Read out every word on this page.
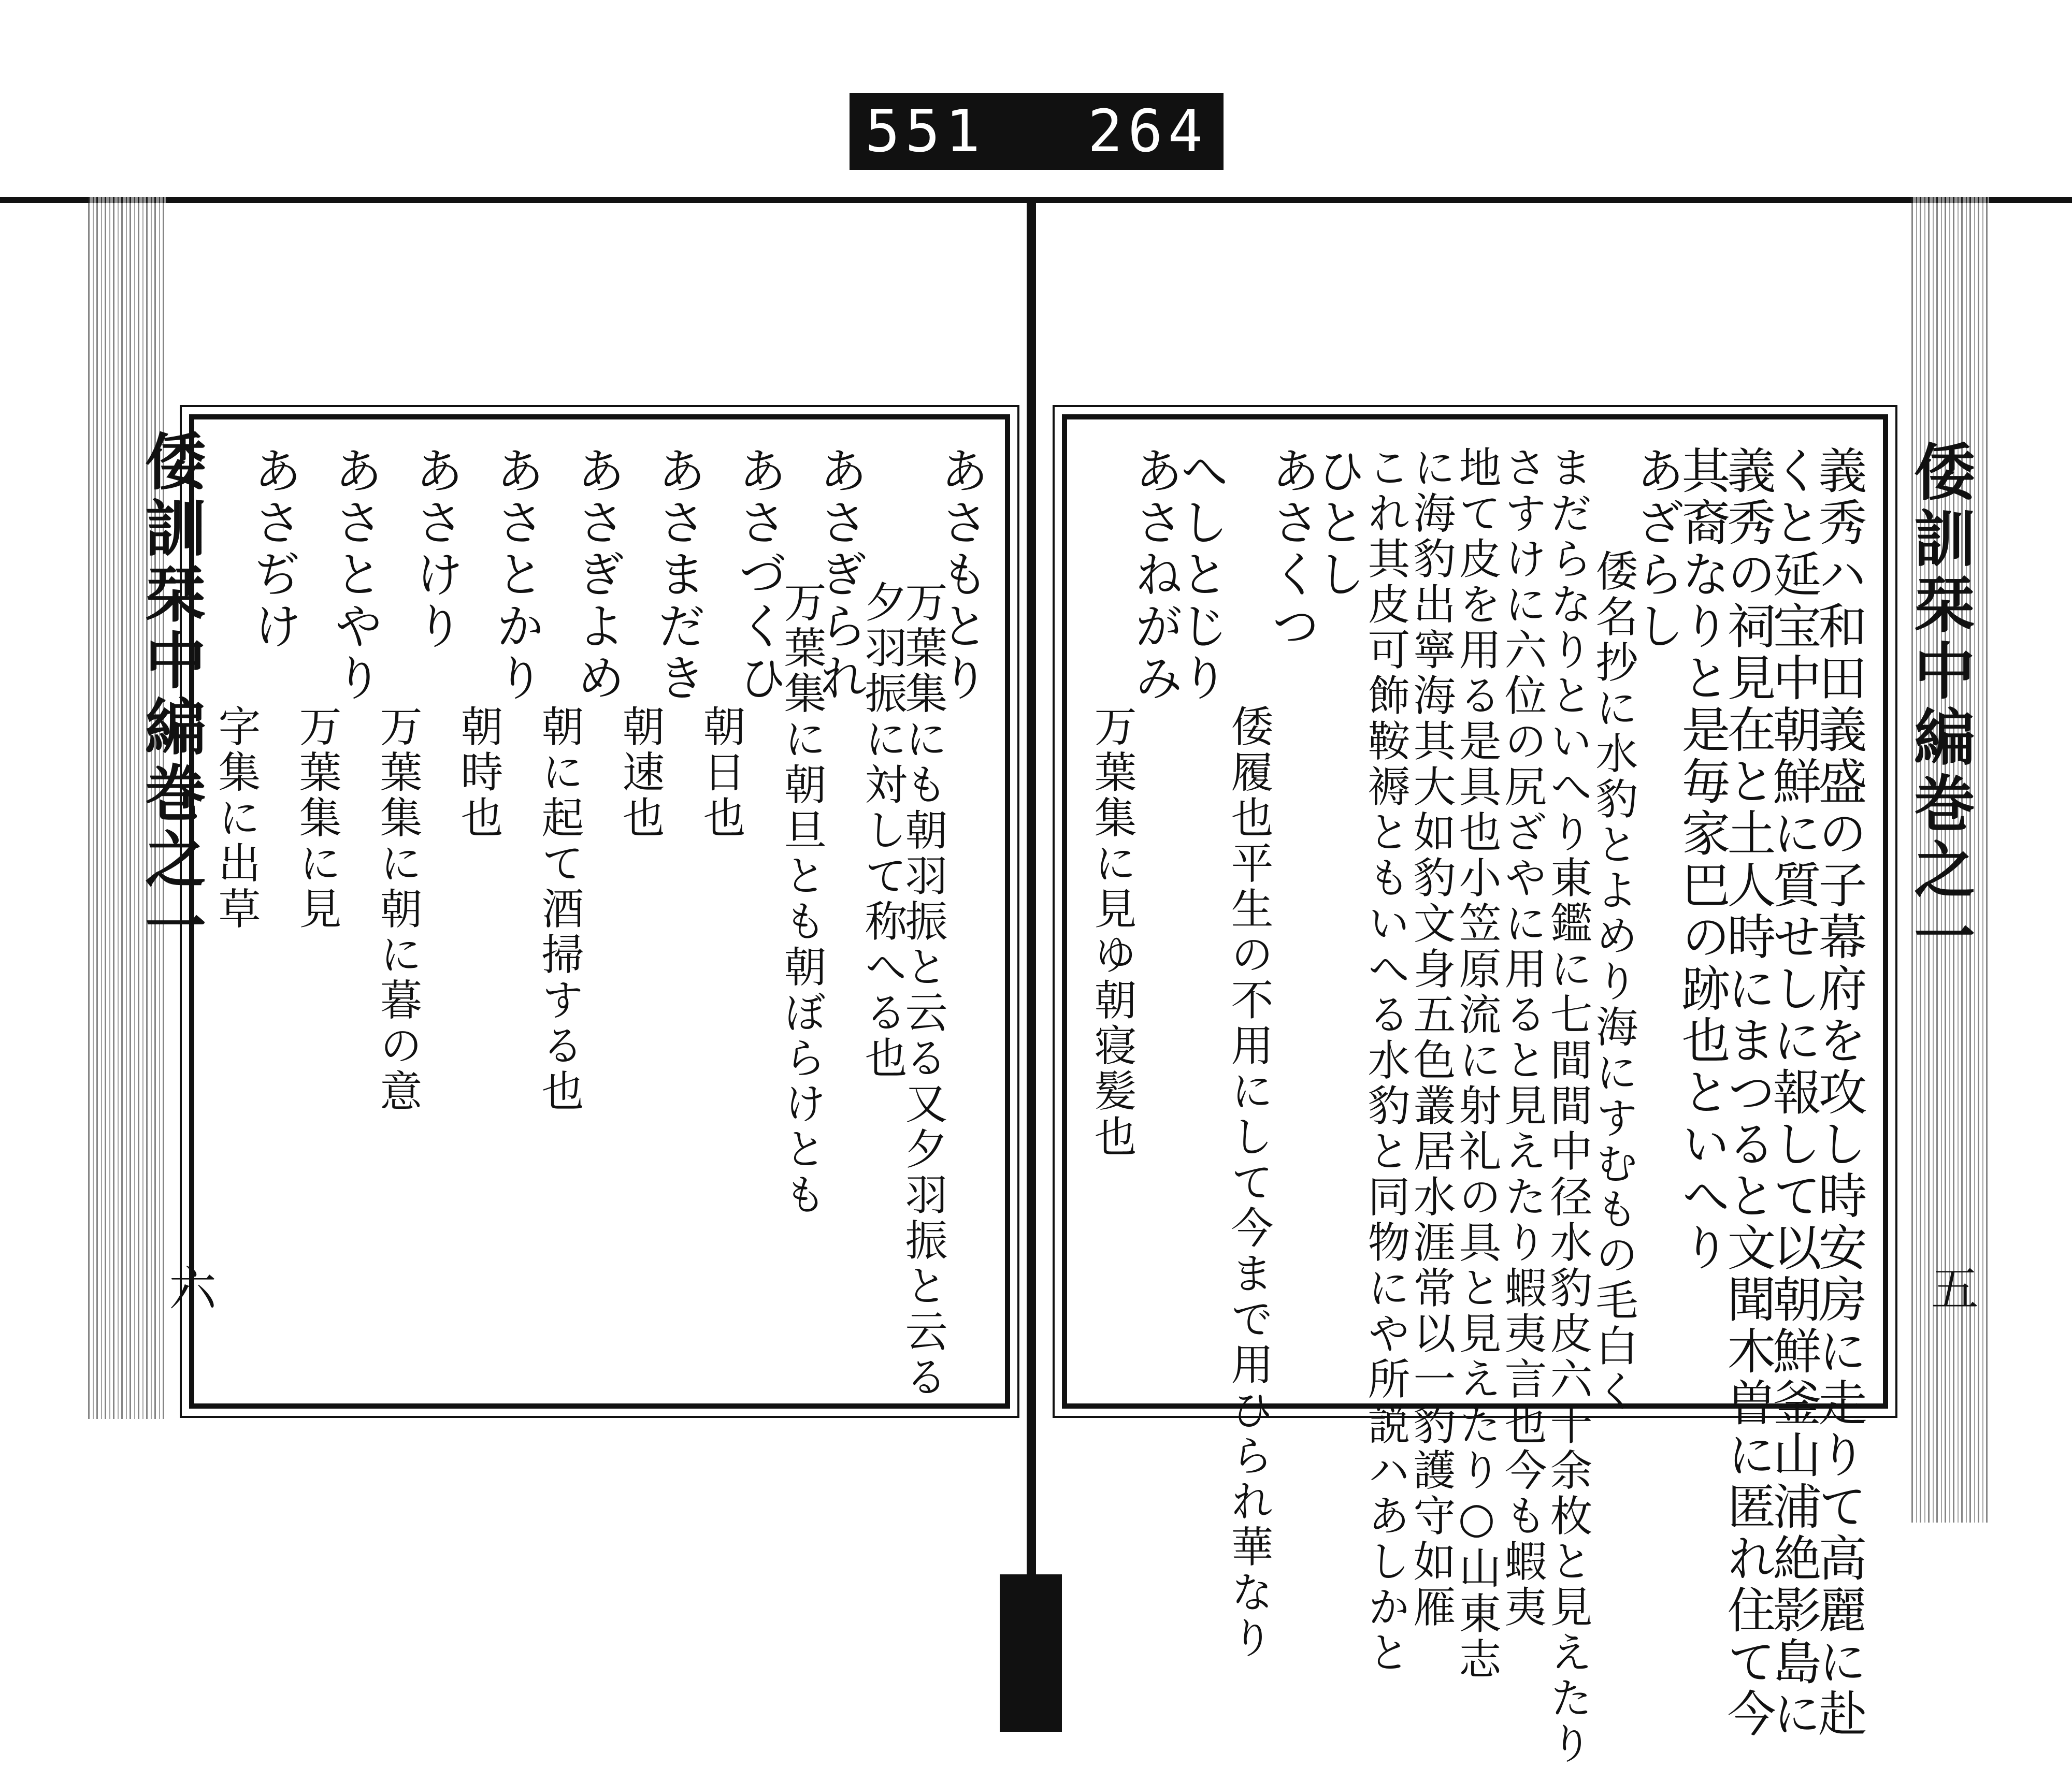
551 264
倭訓栞中編巻之一
六
倭訓栞中編巻之一
五
あさもとり
万葉集にも朝羽振と云る又夕羽振と云る
夕羽振に対して称へる也
あさぎられ
万葉集に朝旦とも朝ぼらけとも
あさづくひ
朝日也
あさまだき
朝速也
あさぎよめ
朝に起て酒掃する也
あさとかり
朝時也
あさけり
万葉集に朝に暮の意
あさとやり
万葉集に見
あさぢけ
字集に出草	義秀ハ和田義盛の子幕府を攻し時安房に走りて高麗に赴
くと延宝中朝鮮に質せしに報して以朝鮮釜山浦絶影島に
義秀の祠見在と土人時にまつると文聞木曽に匿れ住て今
其裔なりと是毎家巴の跡也といへり
あざらし
倭名抄に水豹とよめり海にすむもの毛白く
まだらなりといへり東鑑に七間間中径水豹皮六十余枚と見えたり
さすけに六位の尻ざやに用ると見えたり蝦夷言也今も蝦夷
地て皮を用る是具也小笠原流に射礼の具と見えたり○山東志
に海豹出寧海其大如豹文身五色叢居水涯常以一豹護守如雁
これ其皮可飾鞍褥ともいへる水豹と同物にや所説ハあしかと
ひとし
あさくつ
倭履也平生の不用にして今まで用ひられ華なり
へしとじり
あさねがみ
万葉集に見ゆ朝寝髪也
